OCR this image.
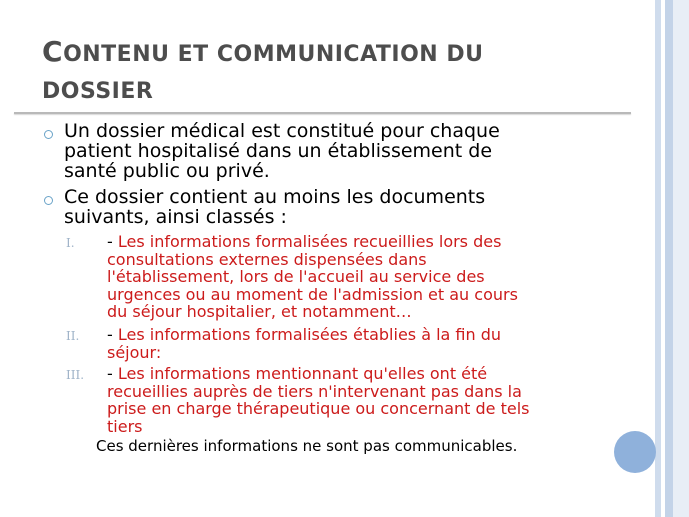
CONTENU ET COMMUNICATION DU
DOSSIER
Un dossier médical est constitué pour chaque
patient hospitalisé dans un établissement de
santé public ou privé.
Ce dossier contient au moins les documents
suivants, ainsi classés :
I. - Les informations formalisées recueillies lors des
consultations externes dispensées dans
l'établissement, lors de l'accueil au service des
urgences ou au moment de l'admission et au cours
du séjour hospitalier, et notamment…
II. - Les informations formalisées établies à la fin du
séjour:
III. - Les informations mentionnant qu'elles ont été
recueillies auprès de tiers n'intervenant pas dans la
prise en charge thérapeutique ou concernant de tels
tiers
Ces dernières informations ne sont pas communicables.
